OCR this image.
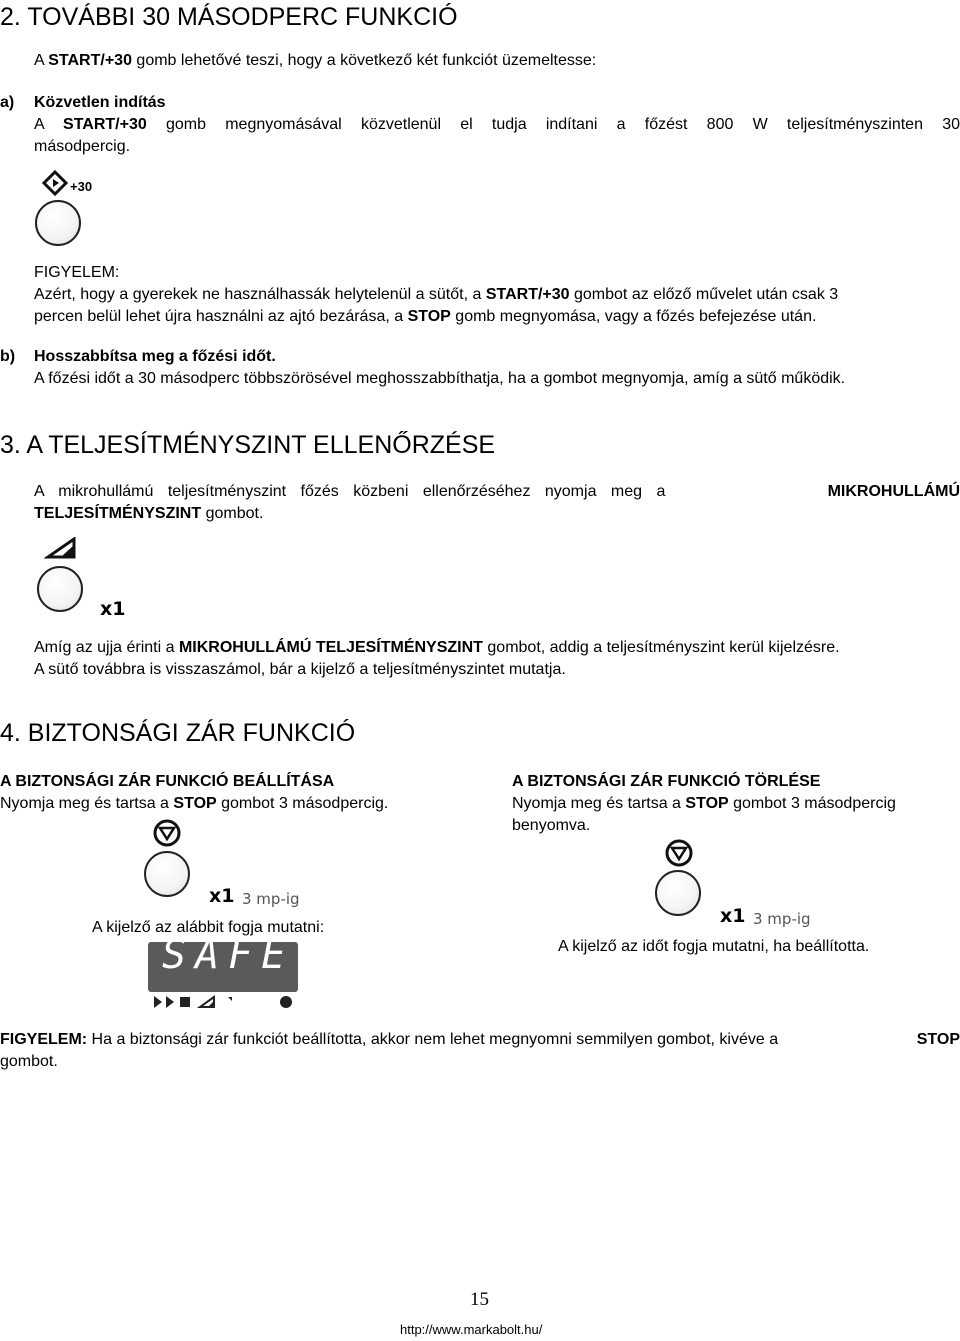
2. TOVÁBBI 30 MÁSODPERC FUNKCIÓ
A START/+30 gomb lehetővé teszi, hogy a következő két funkciót üzemeltesse:
a) Közvetlen indítás
A START/+30 gomb megnyomásával közvetlenül el tudja indítani a főzést 800 W teljesítményszinten 30
másodpercig.
+30
FIGYELEM:
Azért, hogy a gyerekek ne használhassák helytelenül a sütőt, a START/+30 gombot az előző művelet után csak 3
percen belül lehet újra használni az ajtó bezárása, a STOP gomb megnyomása, vagy a főzés befejezése után.
b) Hosszabbítsa meg a főzési időt.
A főzési időt a 30 másodperc többszörösével meghosszabbíthatja, ha a gombot megnyomja, amíg a sütő működik.
3. A TELJESÍTMÉNYSZINT ELLENŐRZÉSE
A mikrohullámú teljesítményszint főzés közbeni ellenőrzéséhez nyomja meg a	MIKROHULLÁMÚ
TELJESÍTMÉNYSZINT gombot.
x1
Amíg az ujja érinti a MIKROHULLÁMÚ TELJESÍTMÉNYSZINT gombot, addig a teljesítményszint kerül kijelzésre.
A sütő továbbra is visszaszámol, bár a kijelző a teljesítményszintet mutatja.
4. BIZTONSÁGI ZÁR FUNKCIÓ
A BIZTONSÁGI ZÁR FUNKCIÓ BEÁLLÍTÁSA
Nyomja meg és tartsa a STOP gombot 3 másodpercig.
x1 3 mp-ig
A kijelző az alábbit fogja mutatni:
SAFE
A BIZTONSÁGI ZÁR FUNKCIÓ TÖRLÉSE
Nyomja meg és tartsa a STOP gombot 3 másodpercig
benyomva.
x1 3 mp-ig
A kijelző az időt fogja mutatni, ha beállította.
FIGYELEM: Ha a biztonsági zár funkciót beállította, akkor nem lehet megnyomni semmilyen gombot, kivéve a	STOP
gombot.
15
http://www.markabolt.hu/
